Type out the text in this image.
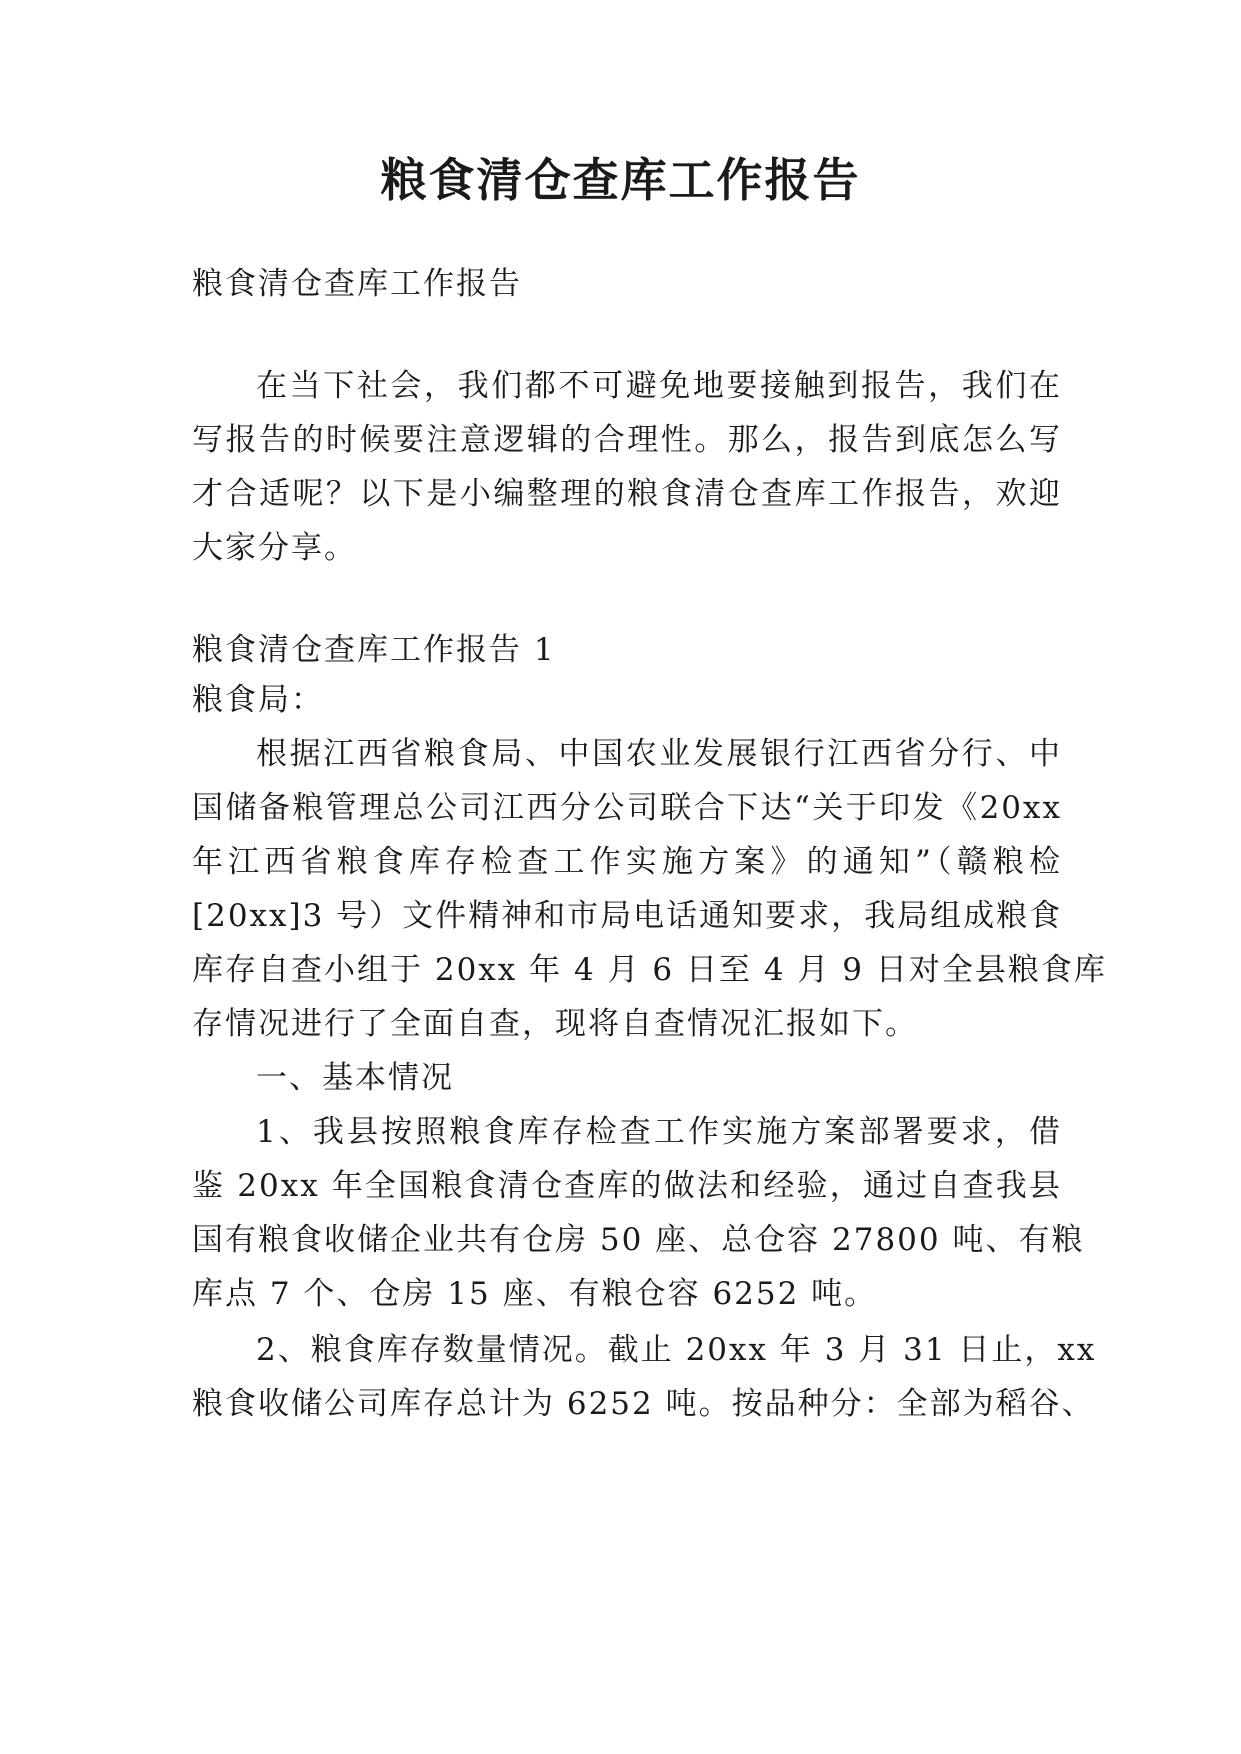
粮食清仓查库工作报告

粮食清仓查库工作报告

在当下社会，我们都不可避免地要接触到报告，我们在

写报告的时候要注意逻辑的合理性。那么，报告到底怎么写

才合适呢？以下是小编整理的粮食清仓查库工作报告，欢迎

大家分享。

粮食清仓查库工作报告 1

粮食局：

根据江西省粮食局、中国农业发展银行江西省分行、中

国储备粮管理总公司江西分公司联合下达“关于印发《20xx

年江西省粮食库存检查工作实施方案》的通知”（赣粮检

[20xx]3 号）文件精神和市局电话通知要求，我局组成粮食

库存自查小组于 20xx 年 4 月 6 日至 4 月 9 日对全县粮食库

存情况进行了全面自查，现将自查情况汇报如下。

一、基本情况

1、我县按照粮食库存检查工作实施方案部署要求，借

鉴 20xx 年全国粮食清仓查库的做法和经验，通过自查我县

国有粮食收储企业共有仓房 50 座、总仓容 27800 吨、有粮

库点 7 个、仓房 15 座、有粮仓容 6252 吨。

2、粮食库存数量情况。截止 20xx 年 3 月 31 日止，xx

粮食收储公司库存总计为 6252 吨。按品种分：全部为稻谷、
